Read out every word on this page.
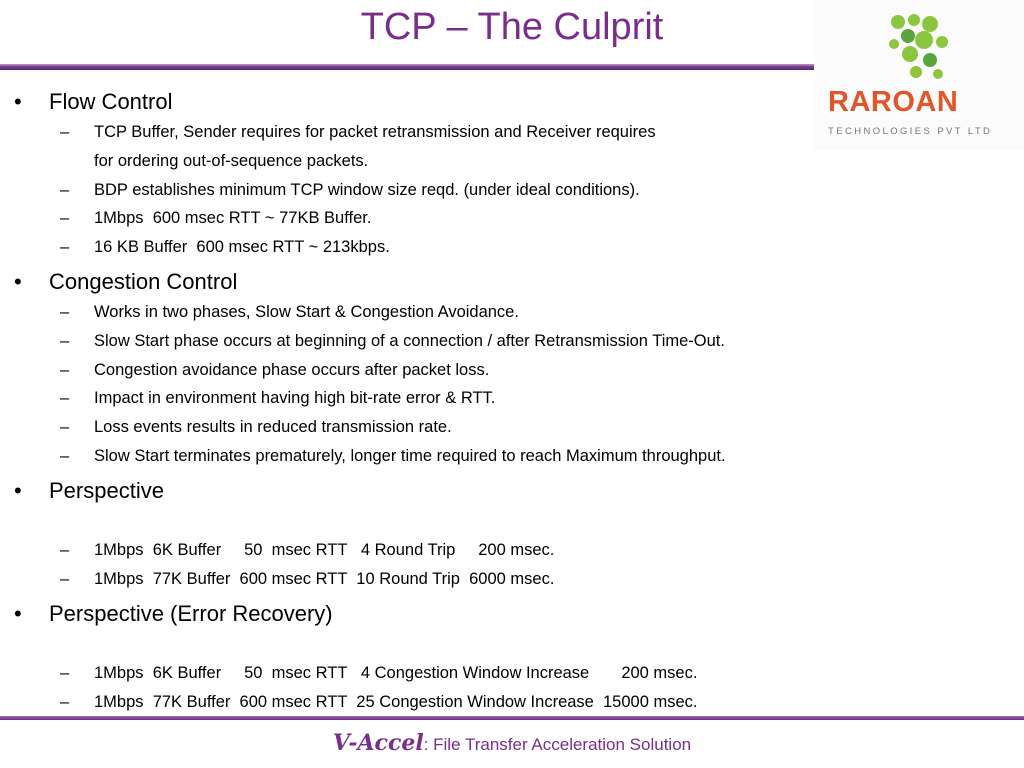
TCP – The Culprit
RAROAN
TECHNOLOGIES PVT LTD
• Flow Control
– TCP Buffer, Sender requires for packet retransmission and Receiver requires
for ordering out-of-sequence packets.
– BDP establishes minimum TCP window size reqd. (under ideal conditions).
– 1Mbps  600 msec RTT ~ 77KB Buffer.
– 16 KB Buffer  600 msec RTT ~ 213kbps.
• Congestion Control
– Works in two phases, Slow Start & Congestion Avoidance.
– Slow Start phase occurs at beginning of a connection / after Retransmission Time-Out.
– Congestion avoidance phase occurs after packet loss.
– Impact in environment having high bit-rate error & RTT.
– Loss events results in reduced transmission rate.
– Slow Start terminates prematurely, longer time required to reach Maximum throughput.
• Perspective
– 1Mbps  6K Buffer     50  msec RTT   4 Round Trip     200 msec.
– 1Mbps  77K Buffer  600 msec RTT  10 Round Trip  6000 msec.
• Perspective (Error Recovery)
– 1Mbps  6K Buffer     50  msec RTT   4 Congestion Window Increase       200 msec.
– 1Mbps  77K Buffer  600 msec RTT  25 Congestion Window Increase  15000 msec.
V-Accel: File Transfer Acceleration Solution
